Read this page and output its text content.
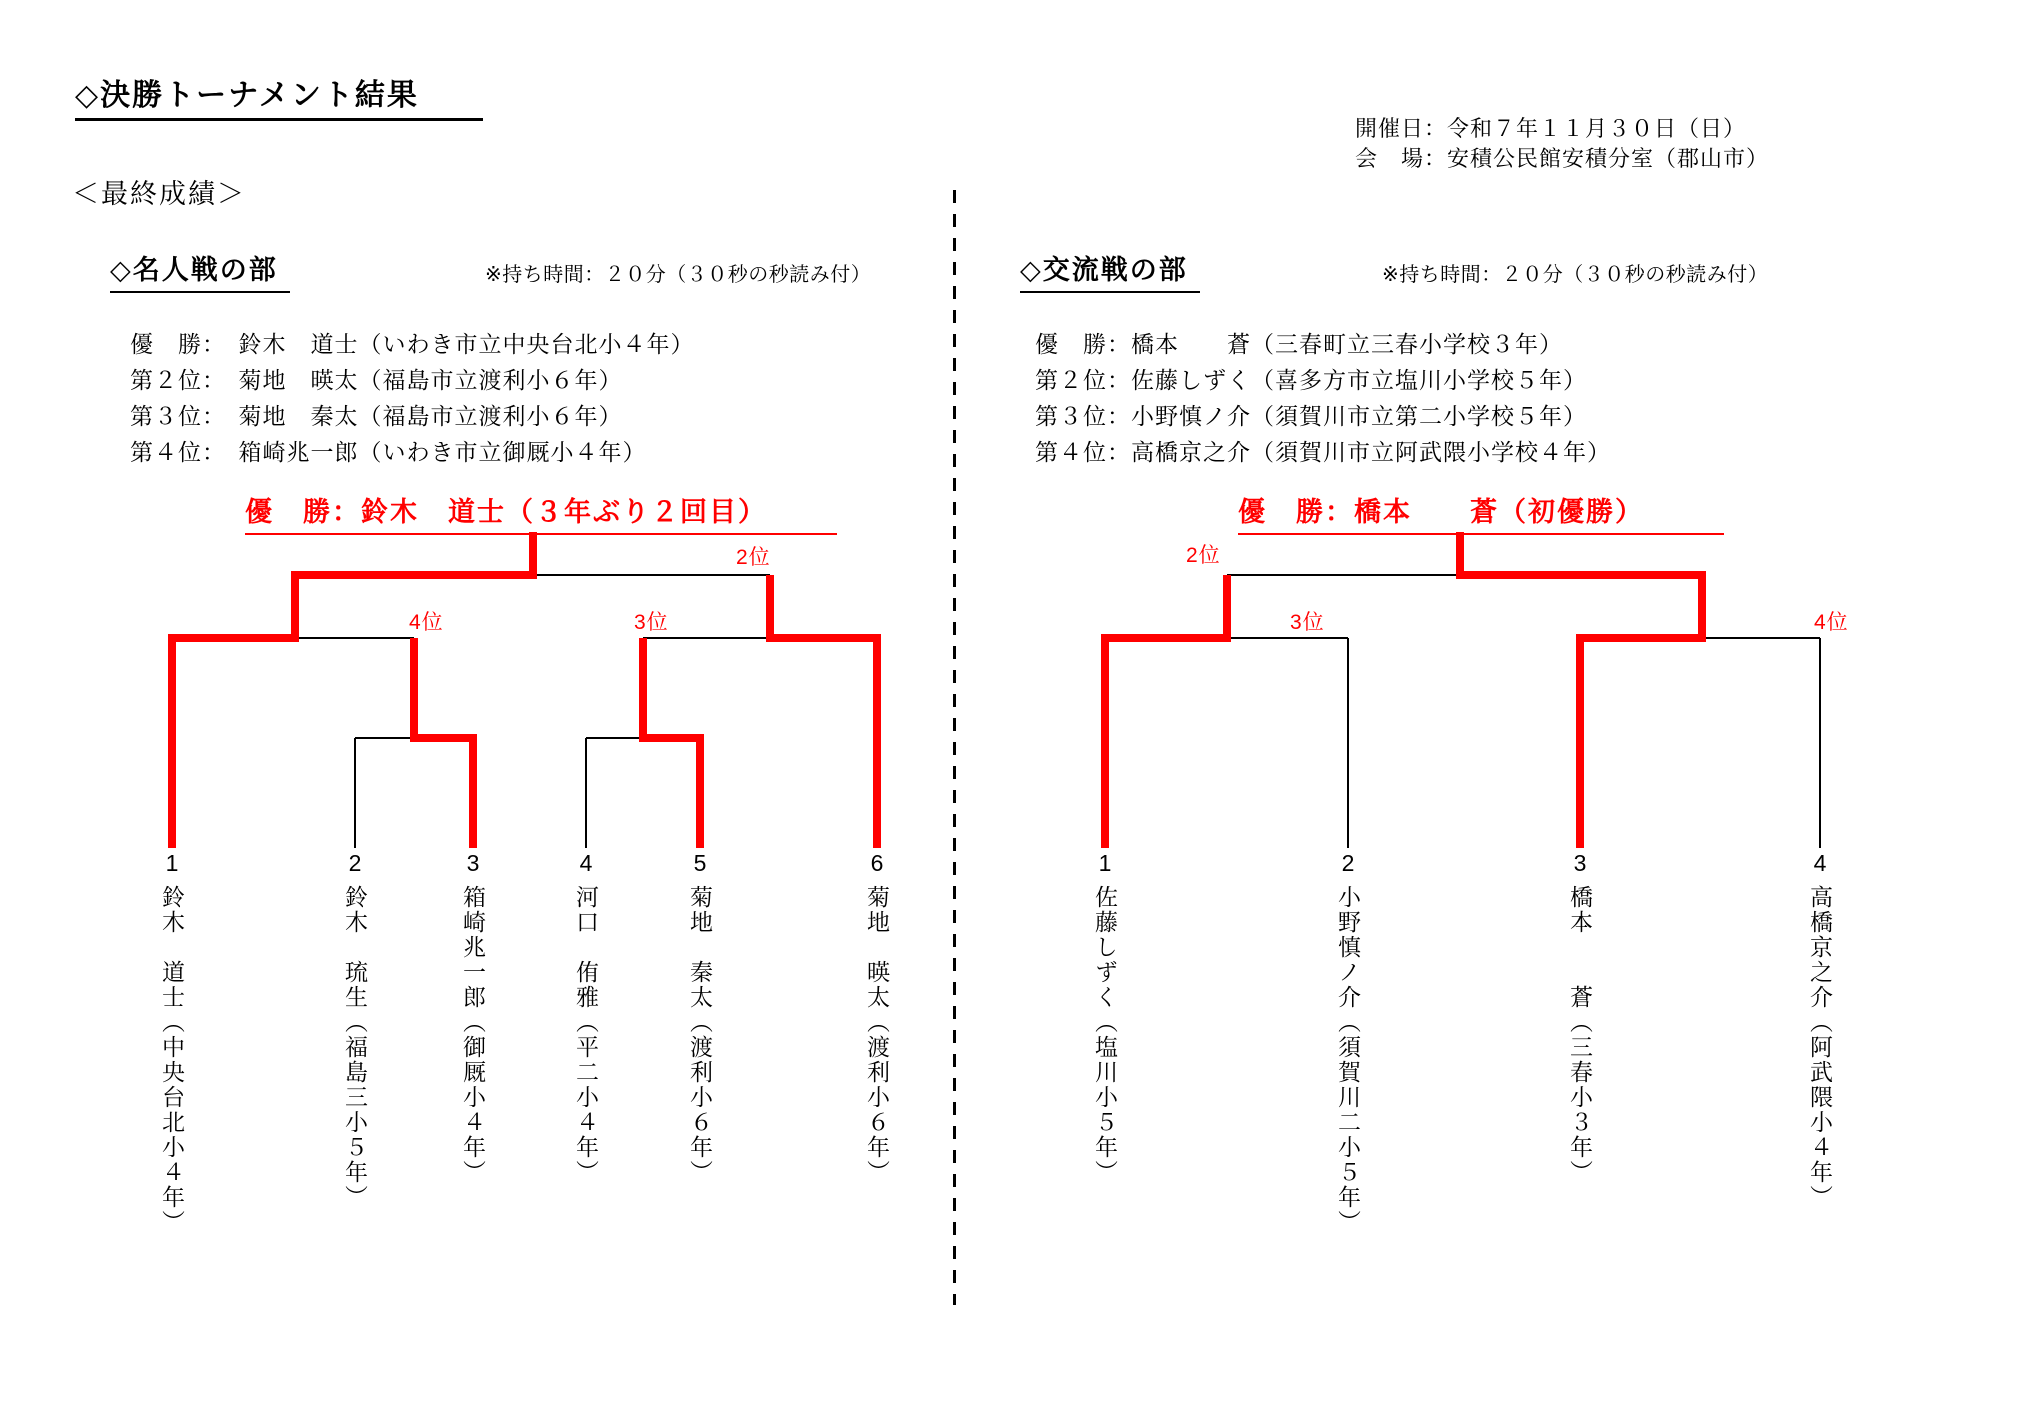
◇決勝トーナメント結果
開催日：令和７年１１月３０日（日）
会　場：安積公民館安積分室（郡山市）
＜最終成績＞
◇名人戦の部	※持ち時間：２０分（３０秒の秒読み付）
優　勝：　鈴木　道士（いわき市立中央台北小４年）
第２位：　菊地　暎太（福島市立渡利小６年）
第３位：　菊地　秦太（福島市立渡利小６年）
第４位：　箱崎兆一郎（いわき市立御厩小４年）
優　勝：鈴木　道士（３年ぶり２回目）
◇交流戦の部	※持ち時間：２０分（３０秒の秒読み付）
優　勝：橋本　　蒼（三春町立三春小学校３年）
第２位：佐藤しずく（喜多方市立塩川小学校５年）
第３位：小野慎ノ介（須賀川市立第二小学校５年）
第４位：高橋京之介（須賀川市立阿武隈小学校４年）
優　勝：橋本　　蒼（初優勝）
2位
4位	3位
2位
3位	4位
1
鈴木　道士（中央台北小４年）
2
鈴木　琉生（福島三小５年）
3
箱崎兆一郎（御厩小４年）
4
河口　侑雅（平二小４年）
5
菊地　秦太（渡利小６年）
6
菊地　暎太（渡利小６年）
1
佐藤しずく（塩川小５年）
2
小野慎ノ介（須賀川二小５年）
3
橋本　　蒼（三春小３年）
4
高橋京之介（阿武隈小４年）
